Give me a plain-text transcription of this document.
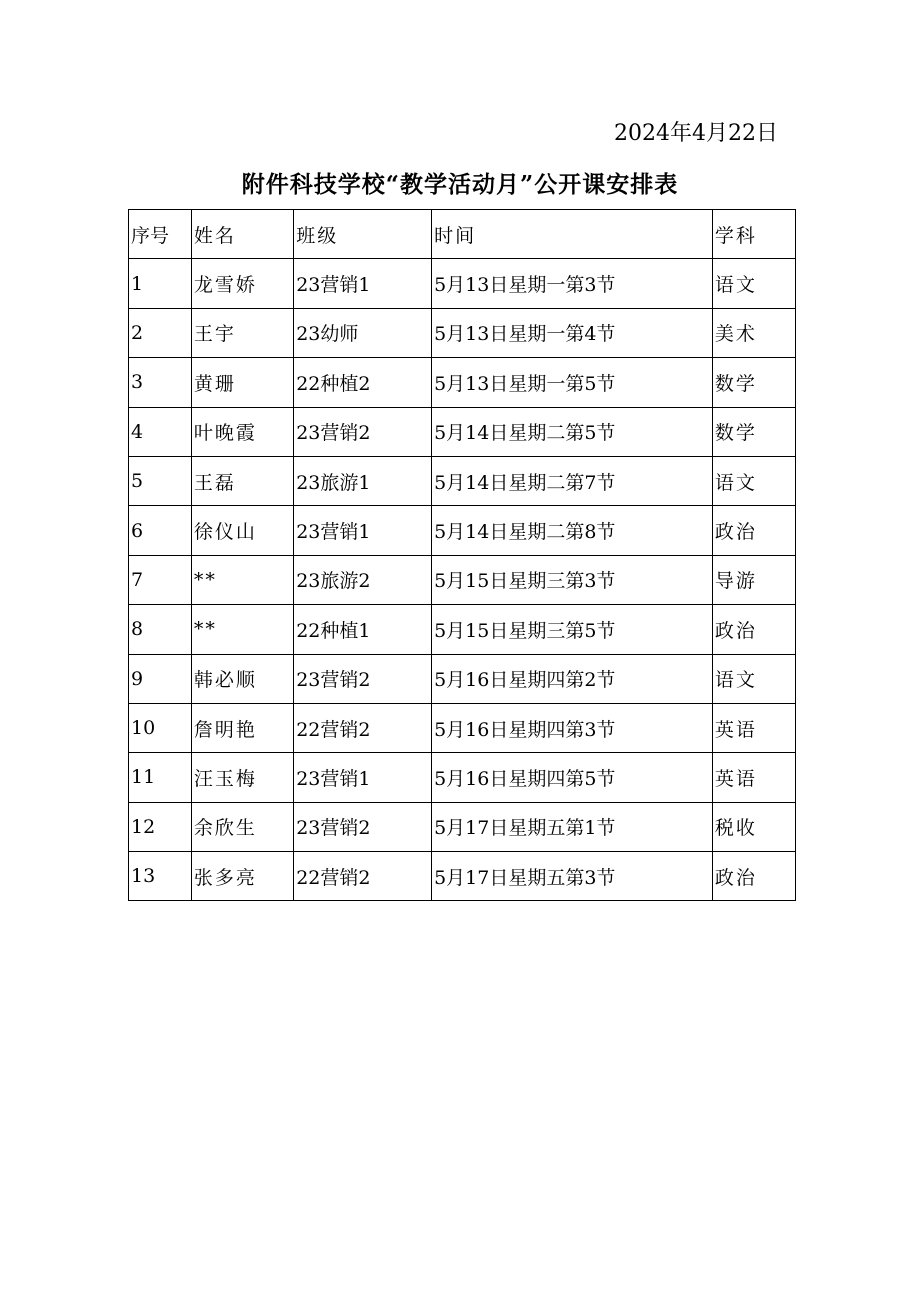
2024年4月22日
附件科技学校“教学活动月”公开课安排表
序号	姓名	班级	时间	学科
1	龙雪娇	23营销1	5月13日星期一第3节	语文
2	王宇	23幼师	5月13日星期一第4节	美术
3	黄珊	22种植2	5月13日星期一第5节	数学
4	叶晚霞	23营销2	5月14日星期二第5节	数学
5	王磊	23旅游1	5月14日星期二第7节	语文
6	徐仪山	23营销1	5月14日星期二第8节	政治
7	**	23旅游2	5月15日星期三第3节	导游
8	**	22种植1	5月15日星期三第5节	政治
9	韩必顺	23营销2	5月16日星期四第2节	语文
10	詹明艳	22营销2	5月16日星期四第3节	英语
11	汪玉梅	23营销1	5月16日星期四第5节	英语
12	余欣生	23营销2	5月17日星期五第1节	税收
13	张多亮	22营销2	5月17日星期五第3节	政治
